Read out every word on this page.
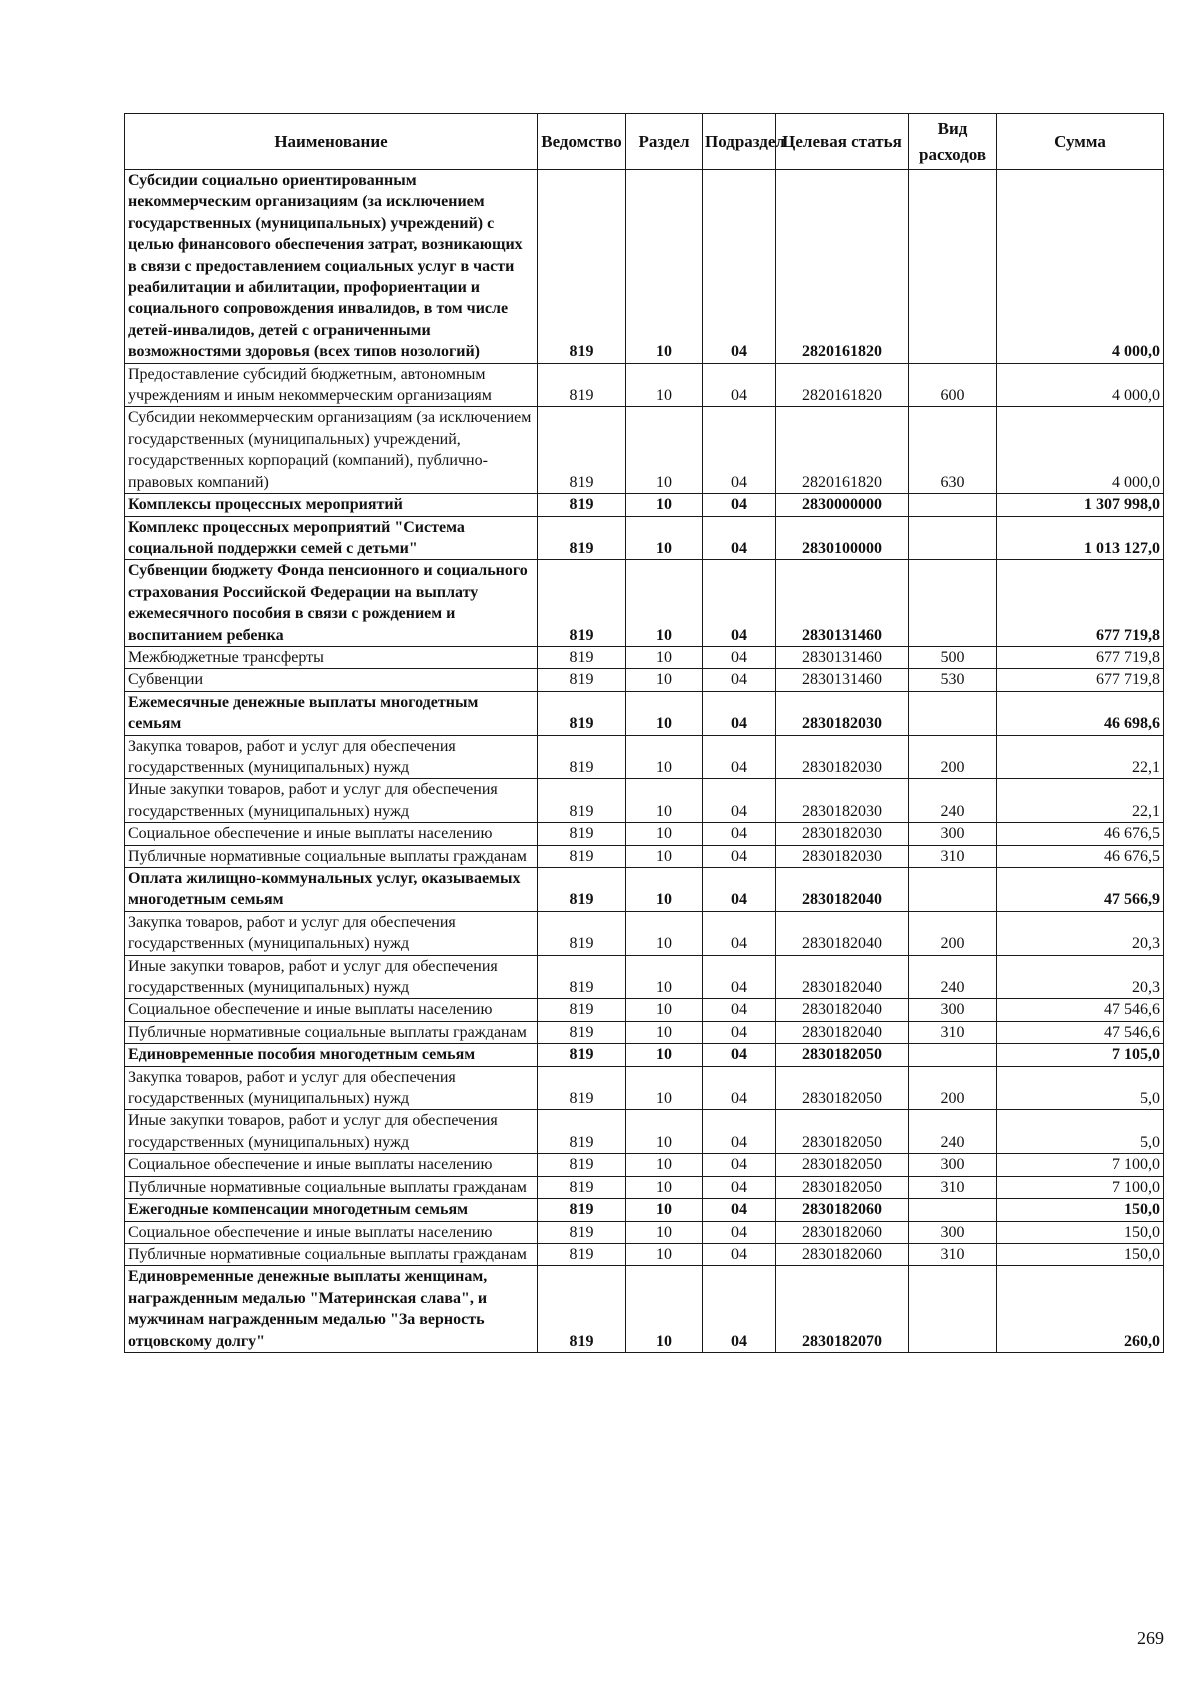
Наименование	Ведомство	Раздел	Подраздел	Целевая статья	Вид расходов	Сумма
Субсидии социально ориентированным некоммерческим организациям (за исключением государственных (муниципальных) учреждений) с целью финансового обеспечения затрат, возникающих в связи с предоставлением социальных услуг в части реабилитации и абилитации, профориентации и социального сопровождения инвалидов, в том числе детей-инвалидов, детей с ограниченными возможностями здоровья (всех типов нозологий)	819	10	04	2820161820		4 000,0
Предоставление субсидий бюджетным, автономным учреждениям и иным некоммерческим организациям	819	10	04	2820161820	600	4 000,0
Субсидии некоммерческим организациям (за исключением государственных (муниципальных) учреждений, государственных корпораций (компаний), публично-правовых компаний)	819	10	04	2820161820	630	4 000,0
Комплексы процессных мероприятий	819	10	04	2830000000		1 307 998,0
Комплекс процессных мероприятий "Система социальной поддержки семей с детьми"	819	10	04	2830100000		1 013 127,0
Субвенции бюджету Фонда пенсионного и социального страхования Российской Федерации на выплату ежемесячного пособия в связи с рождением и воспитанием ребенка	819	10	04	2830131460		677 719,8
Межбюджетные трансферты	819	10	04	2830131460	500	677 719,8
Субвенции	819	10	04	2830131460	530	677 719,8
Ежемесячные денежные выплаты многодетным семьям	819	10	04	2830182030		46 698,6
Закупка товаров, работ и услуг для обеспечения государственных (муниципальных) нужд	819	10	04	2830182030	200	22,1
Иные закупки товаров, работ и услуг для обеспечения государственных (муниципальных) нужд	819	10	04	2830182030	240	22,1
Социальное обеспечение и иные выплаты населению	819	10	04	2830182030	300	46 676,5
Публичные нормативные социальные выплаты гражданам	819	10	04	2830182030	310	46 676,5
Оплата жилищно-коммунальных услуг, оказываемых многодетным семьям	819	10	04	2830182040		47 566,9
Закупка товаров, работ и услуг для обеспечения государственных (муниципальных) нужд	819	10	04	2830182040	200	20,3
Иные закупки товаров, работ и услуг для обеспечения государственных (муниципальных) нужд	819	10	04	2830182040	240	20,3
Социальное обеспечение и иные выплаты населению	819	10	04	2830182040	300	47 546,6
Публичные нормативные социальные выплаты гражданам	819	10	04	2830182040	310	47 546,6
Единовременные пособия многодетным семьям	819	10	04	2830182050		7 105,0
Закупка товаров, работ и услуг для обеспечения государственных (муниципальных) нужд	819	10	04	2830182050	200	5,0
Иные закупки товаров, работ и услуг для обеспечения государственных (муниципальных) нужд	819	10	04	2830182050	240	5,0
Социальное обеспечение и иные выплаты населению	819	10	04	2830182050	300	7 100,0
Публичные нормативные социальные выплаты гражданам	819	10	04	2830182050	310	7 100,0
Ежегодные компенсации многодетным семьям	819	10	04	2830182060		150,0
Социальное обеспечение и иные выплаты населению	819	10	04	2830182060	300	150,0
Публичные нормативные социальные выплаты гражданам	819	10	04	2830182060	310	150,0
Единовременные денежные выплаты женщинам, награжденным медалью "Материнская слава", и мужчинам награжденным медалью "За верность отцовскому долгу"	819	10	04	2830182070		260,0
269
